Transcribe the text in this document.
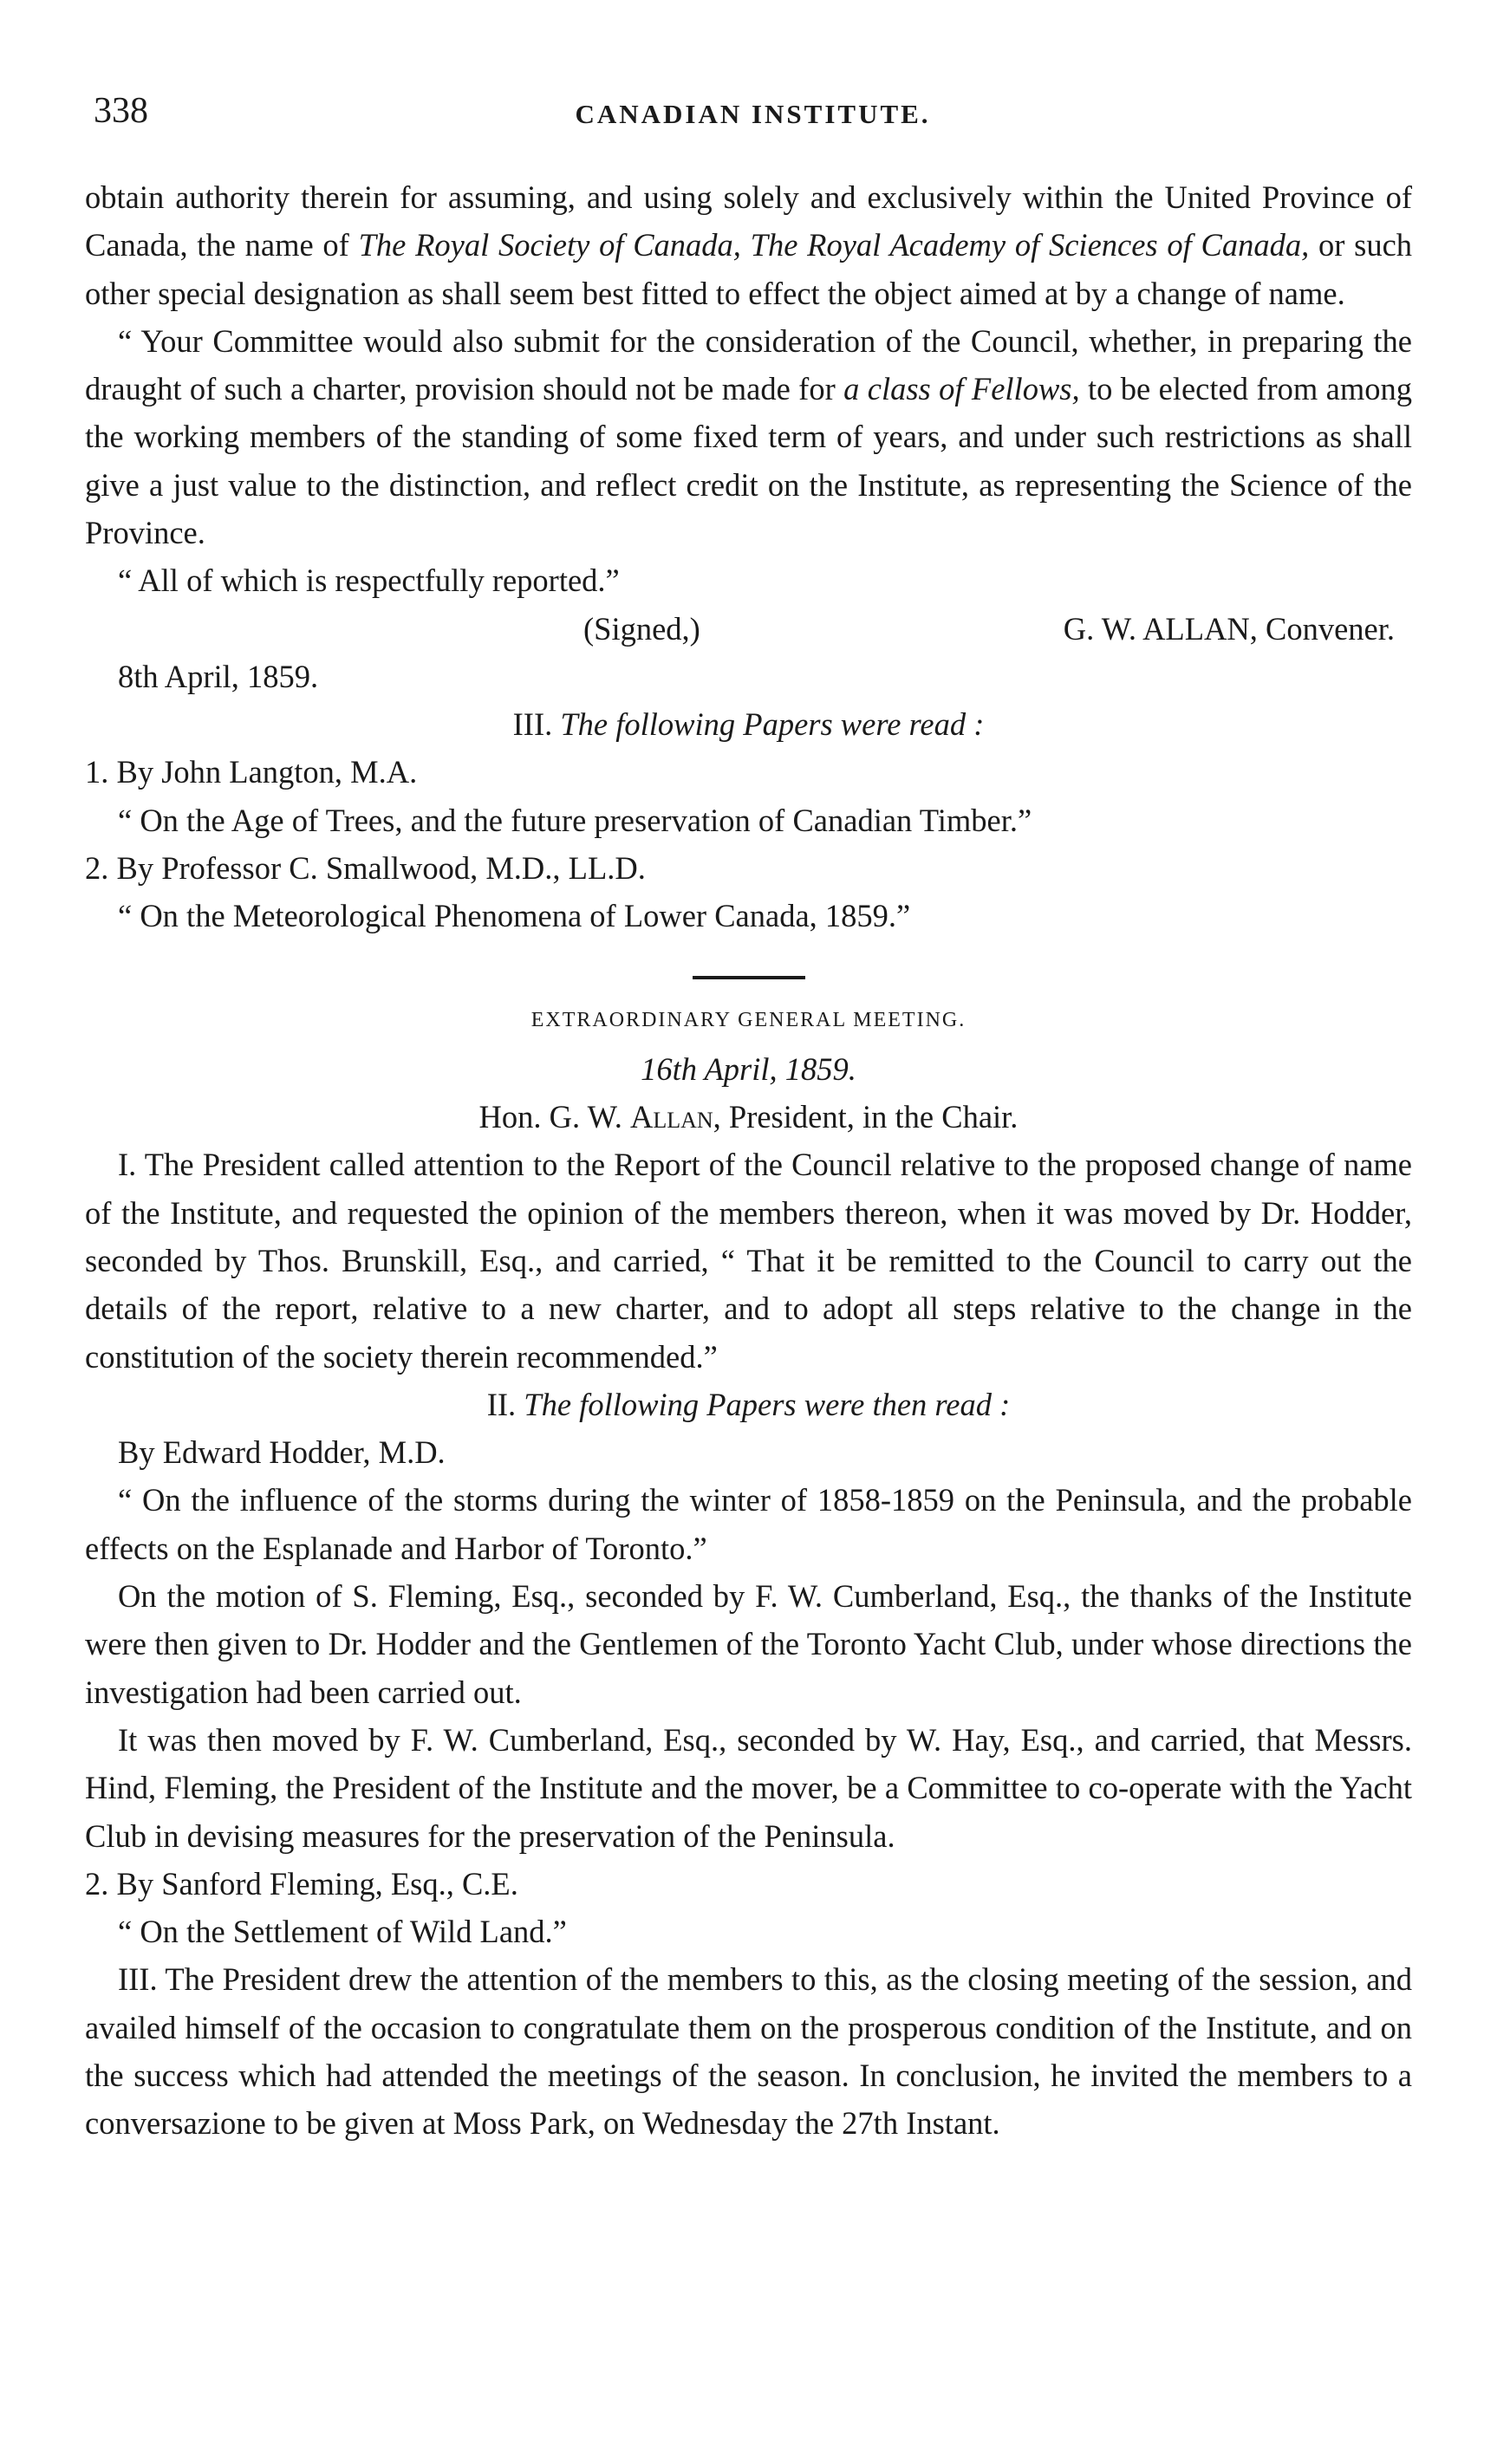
338	CANADIAN INSTITUTE.

obtain authority therein for assuming, and using solely and exclusively within the United Province of Canada, the name of The Royal Society of Canada, The Royal Academy of Sciences of Canada, or such other special designation as shall seem best fitted to effect the object aimed at by a change of name.

“ Your Committee would also submit for the consideration of the Council, whether, in preparing the draught of such a charter, provision should not be made for a class of Fellows, to be elected from among the working members of the standing of some fixed term of years, and under such restrictions as shall give a just value to the distinction, and reflect credit on the Institute, as representing the Science of the Province.

“ All of which is respectfully reported.”

(Signed,)	G. W. ALLAN, Convener.

8th April, 1859.

III. The following Papers were read :

1. By John Langton, M.A.

“ On the Age of Trees, and the future preservation of Canadian Timber.”

2. By Professor C. Smallwood, M.D., LL.D.

“ On the Meteorological Phenomena of Lower Canada, 1859.”

EXTRAORDINARY GENERAL MEETING.

16th April, 1859.

Hon. G. W. Allan, President, in the Chair.

I. The President called attention to the Report of the Council relative to the proposed change of name of the Institute, and requested the opinion of the members thereon, when it was moved by Dr. Hodder, seconded by Thos. Brunskill, Esq., and carried, “ That it be remitted to the Council to carry out the details of the report, relative to a new charter, and to adopt all steps relative to the change in the constitution of the society therein recommended.”

II. The following Papers were then read :

By Edward Hodder, M.D.

“ On the influence of the storms during the winter of 1858-1859 on the Peninsula, and the probable effects on the Esplanade and Harbor of Toronto.”

On the motion of S. Fleming, Esq., seconded by F. W. Cumberland, Esq., the thanks of the Institute were then given to Dr. Hodder and the Gentlemen of the Toronto Yacht Club, under whose directions the investigation had been carried out.

It was then moved by F. W. Cumberland, Esq., seconded by W. Hay, Esq., and carried, that Messrs. Hind, Fleming, the President of the Institute and the mover, be a Committee to co-operate with the Yacht Club in devising measures for the preservation of the Peninsula.

2. By Sanford Fleming, Esq., C.E.

“ On the Settlement of Wild Land.”

III. The President drew the attention of the members to this, as the closing meeting of the session, and availed himself of the occasion to congratulate them on the prosperous condition of the Institute, and on the success which had attended the meetings of the season. In conclusion, he invited the members to a conversazione to be given at Moss Park, on Wednesday the 27th Instant.
